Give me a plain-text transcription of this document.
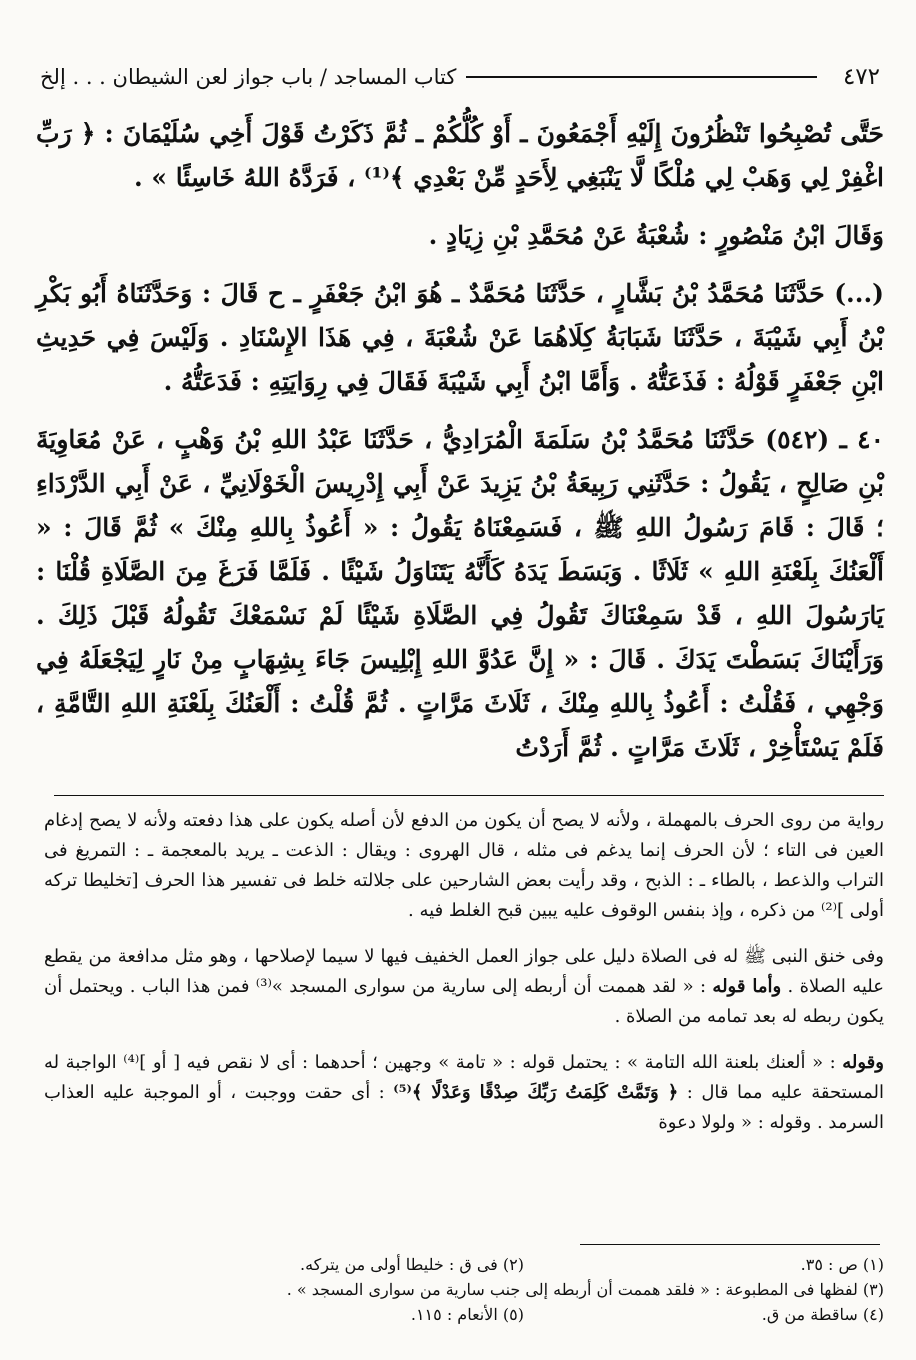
٤٧٢
كتاب المساجد / باب جواز لعن الشيطان . . . إلخ

حَتَّى تُصْبِحُوا تَنْظُرُونَ إِلَيْهِ أَجْمَعُونَ ـ أَوْ كُلُّكُمْ ـ ثُمَّ ذَكَرْتُ قَوْلَ أَخِي سُلَيْمَانَ : ﴿ رَبِّ اغْفِرْ لِي وَهَبْ لِي مُلْكًا لَّا يَنْبَغِي لِأَحَدٍ مِّنْ بَعْدِي ﴾⁽¹⁾ ، فَرَدَّهُ اللهُ خَاسِئًا » .

وَقَالَ ابْنُ مَنْصُورٍ : شُعْبَةُ عَنْ مُحَمَّدِ بْنِ زِيَادٍ .

(...) حَدَّثَنَا مُحَمَّدُ بْنُ بَشَّارٍ ، حَدَّثَنَا مُحَمَّدٌ ـ هُوَ ابْنُ جَعْفَرٍ ـ ح قَالَ : وَحَدَّثَنَاهُ أَبُو بَكْرِ بْنُ أَبِي شَيْبَةَ ، حَدَّثَنَا شَبَابَةُ كِلَاهُمَا عَنْ شُعْبَةَ ، فِي هَذَا الإِسْنَادِ . وَلَيْسَ فِي حَدِيثِ ابْنِ جَعْفَرٍ قَوْلُهُ : فَذَعَتُّهُ . وَأَمَّا ابْنُ أَبِي شَيْبَةَ فَقَالَ فِي رِوَايَتِهِ : فَدَعَتُّهُ .

٤٠ ـ (٥٤٢) حَدَّثَنَا مُحَمَّدُ بْنُ سَلَمَةَ الْمُرَادِيُّ ، حَدَّثَنَا عَبْدُ اللهِ بْنُ وَهْبٍ ، عَنْ مُعَاوِيَةَ بْنِ صَالِحٍ ، يَقُولُ : حَدَّثَنِي رَبِيعَةُ بْنُ يَزِيدَ عَنْ أَبِي إِدْرِيسَ الْخَوْلَانِيِّ ، عَنْ أَبِي الدَّرْدَاءِ ؛ قَالَ : قَامَ رَسُولُ اللهِ ﷺ ، فَسَمِعْنَاهُ يَقُولُ : « أَعُوذُ بِاللهِ مِنْكَ » ثُمَّ قَالَ : « أَلْعَنُكَ بِلَعْنَةِ اللهِ » ثَلَاثًا . وَبَسَطَ يَدَهُ كَأَنَّهُ يَتَنَاوَلُ شَيْئًا . فَلَمَّا فَرَغَ مِنَ الصَّلَاةِ قُلْنَا : يَارَسُولَ اللهِ ، قَدْ سَمِعْنَاكَ تَقُولُ فِي الصَّلَاةِ شَيْئًا لَمْ نَسْمَعْكَ تَقُولُهُ قَبْلَ ذَلِكَ . وَرَأَيْنَاكَ بَسَطْتَ يَدَكَ . قَالَ : « إِنَّ عَدُوَّ اللهِ إِبْلِيسَ جَاءَ بِشِهَابٍ مِنْ نَارٍ لِيَجْعَلَهُ فِي وَجْهِي ، فَقُلْتُ : أَعُوذُ بِاللهِ مِنْكَ ، ثَلَاثَ مَرَّاتٍ . ثُمَّ قُلْتُ : أَلْعَنُكَ بِلَعْنَةِ اللهِ التَّامَّةِ ، فَلَمْ يَسْتَأْخِرْ ، ثَلَاثَ مَرَّاتٍ . ثُمَّ أَرَدْتُ

رواية من روى الحرف بالمهملة ، ولأنه لا يصح أن يكون من الدفع لأن أصله يكون على هذا دفعته ولأنه لا يصح إدغام العين فى التاء ؛ لأن الحرف إنما يدغم فى مثله ، قال الهروى : ويقال : الذعت ـ يريد بالمعجمة ـ : التمريغ فى التراب والذعط ، بالطاء ـ : الذبح ، وقد رأيت بعض الشارحين على جلالته خلط فى تفسير هذا الحرف [تخليطا تركه أولى ]⁽²⁾ من ذكره ، وإذ بنفس الوقوف عليه يبين قبح الغلط فيه .

وفى خنق النبى ﷺ له فى الصلاة دليل على جواز العمل الخفيف فيها لا سيما لإصلاحها ، وهو مثل مدافعة من يقطع عليه الصلاة . وأما قوله : « لقد هممت أن أربطه إلى سارية من سوارى المسجد »⁽³⁾ فمن هذا الباب . ويحتمل أن يكون ربطه له بعد تمامه من الصلاة .

وقوله : « ألعنك بلعنة الله التامة » : يحتمل قوله : « تامة » وجهين ؛ أحدهما : أى لا نقص فيه [ أو ]⁽⁴⁾ الواجبة له المستحقة عليه مما قال : ﴿ وَتَمَّتْ كَلِمَتُ رَبِّكَ صِدْقًا وَعَدْلًا ﴾⁽⁵⁾ : أى حقت ووجبت ، أو الموجبة عليه العذاب السرمد . وقوله : « ولولا دعوة

(١) ص : ٣٥.
(٢) فى ق : خليطا أولى من يتركه.
(٣) لفظها فى المطبوعة : « فلقد هممت أن أربطه إلى جنب سارية من سوارى المسجد » .
(٤) ساقطة من ق.
(٥) الأنعام : ١١٥.
